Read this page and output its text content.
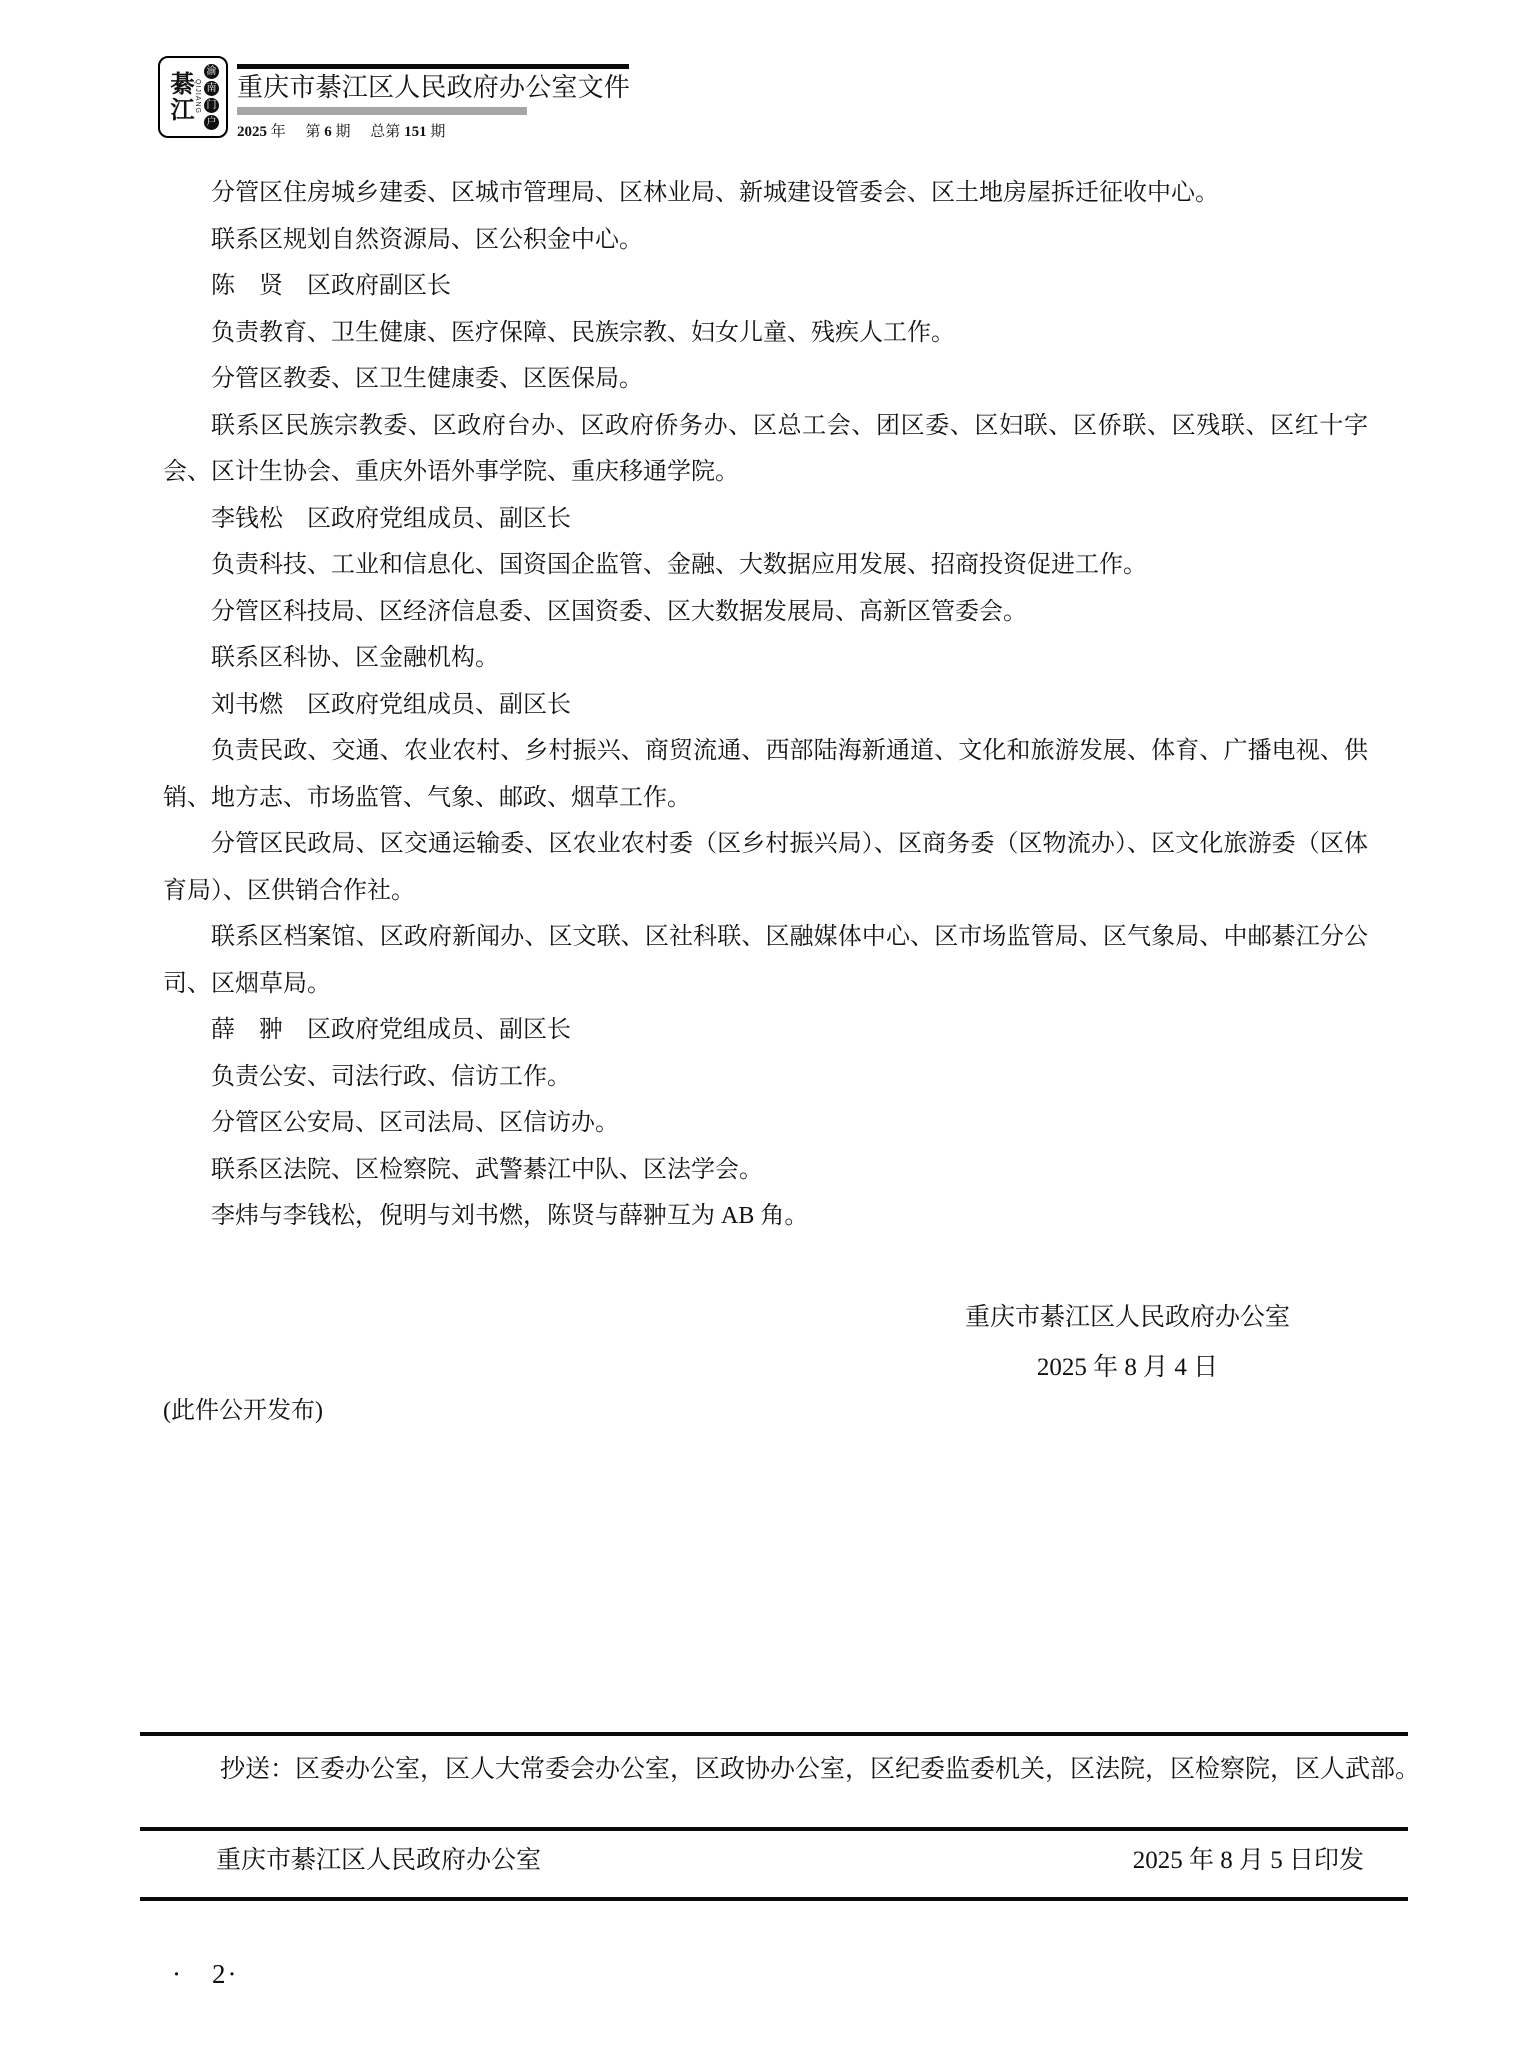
綦江 QIJIANG
渝
南
门
户
重庆市綦江区人民政府办公室文件
2025 年 第 6 期 总第 151 期

分管区住房城乡建委、区城市管理局、区林业局、新城建设管委会、区土地房屋拆迁征收中心。

联系区规划自然资源局、区公积金中心。

陈　贤　区政府副区长

负责教育、卫生健康、医疗保障、民族宗教、妇女儿童、残疾人工作。

分管区教委、区卫生健康委、区医保局。

联系区民族宗教委、区政府台办、区政府侨务办、区总工会、团区委、区妇联、区侨联、区残联、区红十字会、区计生协会、重庆外语外事学院、重庆移通学院。

李钱松　区政府党组成员、副区长

负责科技、工业和信息化、国资国企监管、金融、大数据应用发展、招商投资促进工作。

分管区科技局、区经济信息委、区国资委、区大数据发展局、高新区管委会。

联系区科协、区金融机构。

刘书燃　区政府党组成员、副区长

负责民政、交通、农业农村、乡村振兴、商贸流通、西部陆海新通道、文化和旅游发展、体育、广播电视、供销、地方志、市场监管、气象、邮政、烟草工作。

分管区民政局、区交通运输委、区农业农村委（区乡村振兴局）、区商务委（区物流办）、区文化旅游委（区体育局）、区供销合作社。

联系区档案馆、区政府新闻办、区文联、区社科联、区融媒体中心、区市场监管局、区气象局、中邮綦江分公司、区烟草局。

薛　翀　区政府党组成员、副区长

负责公安、司法行政、信访工作。

分管区公安局、区司法局、区信访办。

联系区法院、区检察院、武警綦江中队、区法学会。

李炜与李钱松，倪明与刘书燃，陈贤与薛翀互为 AB 角。

重庆市綦江区人民政府办公室
2025 年 8 月 4 日
(此件公开发布)
抄送：区委办公室，区人大常委会办公室，区政协办公室，区纪委监委机关，区法院，区检察院，区人武部。
重庆市綦江区人民政府办公室	2025 年 8 月 5 日印发
·　2·
